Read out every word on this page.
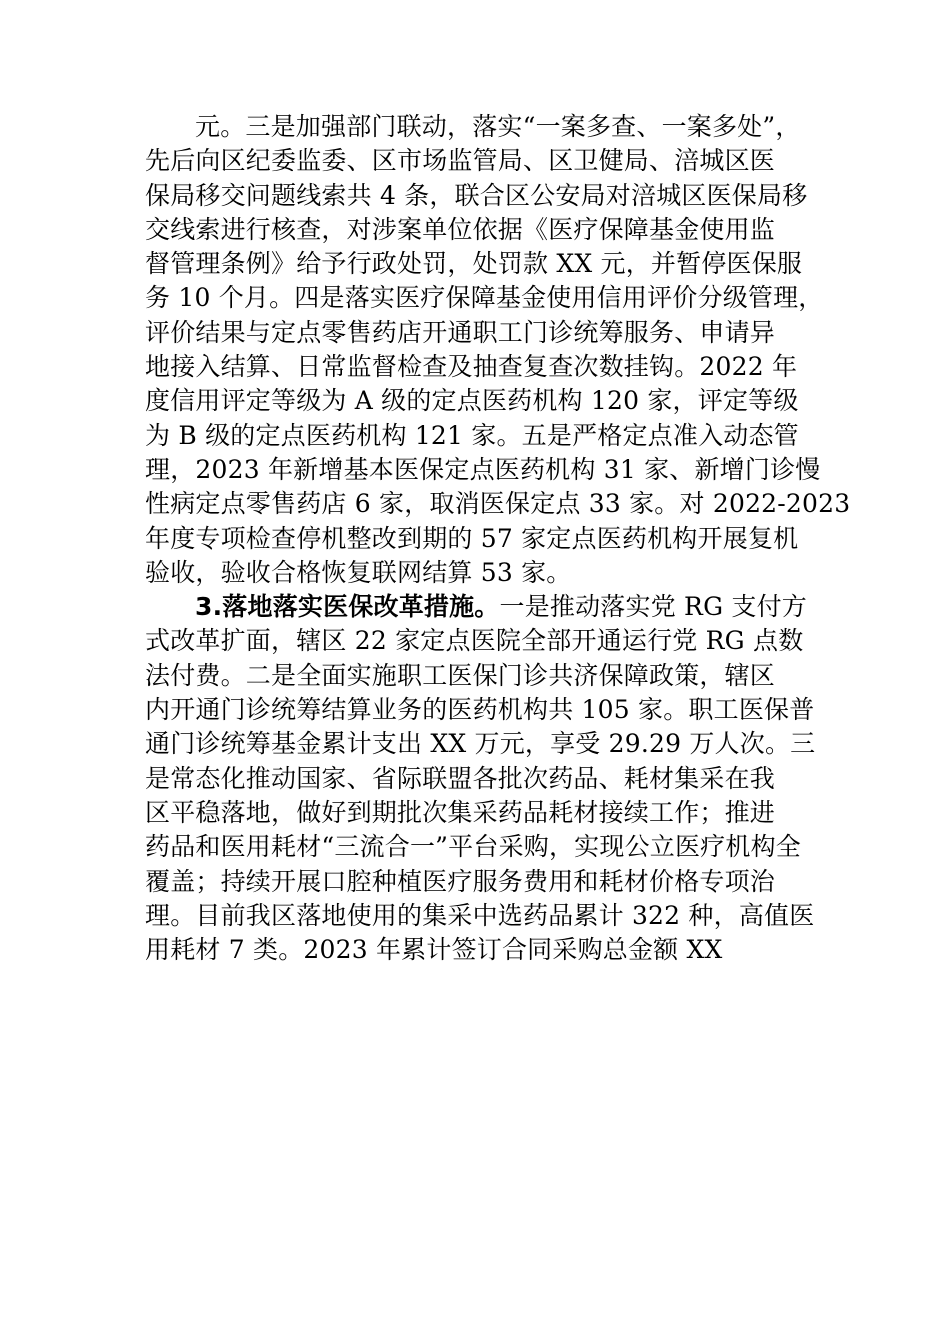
元。三是加强部门联动，落实“一案多查、一案多处”，
先后向区纪委监委、区市场监管局、区卫健局、涪城区医
保局移交问题线索共 4 条，联合区公安局对涪城区医保局移
交线索进行核查，对涉案单位依据《医疗保障基金使用监
督管理条例》给予行政处罚，处罚款 XX 元，并暂停医保服
务 10 个月。四是落实医疗保障基金使用信用评价分级管理，
评价结果与定点零售药店开通职工门诊统筹服务、申请异
地接入结算、日常监督检查及抽查复查次数挂钩。2022 年
度信用评定等级为 A 级的定点医药机构 120 家，评定等级
为 B 级的定点医药机构 121 家。五是严格定点准入动态管
理，2023 年新增基本医保定点医药机构 31 家、新增门诊慢
性病定点零售药店 6 家，取消医保定点 33 家。对 2022-2023
年度专项检查停机整改到期的 57 家定点医药机构开展复机
验收，验收合格恢复联网结算 53 家。
3.落地落实医保改革措施。一是推动落实党 RG 支付方
式改革扩面，辖区 22 家定点医院全部开通运行党 RG 点数
法付费。二是全面实施职工医保门诊共济保障政策，辖区
内开通门诊统筹结算业务的医药机构共 105 家。职工医保普
通门诊统筹基金累计支出 XX 万元，享受 29.29 万人次。三
是常态化推动国家、省际联盟各批次药品、耗材集采在我
区平稳落地，做好到期批次集采药品耗材接续工作；推进
药品和医用耗材“三流合一”平台采购，实现公立医疗机构全
覆盖；持续开展口腔种植医疗服务费用和耗材价格专项治
理。目前我区落地使用的集采中选药品累计 322 种，高值医
用耗材 7 类。2023 年累计签订合同采购总金额 XX
